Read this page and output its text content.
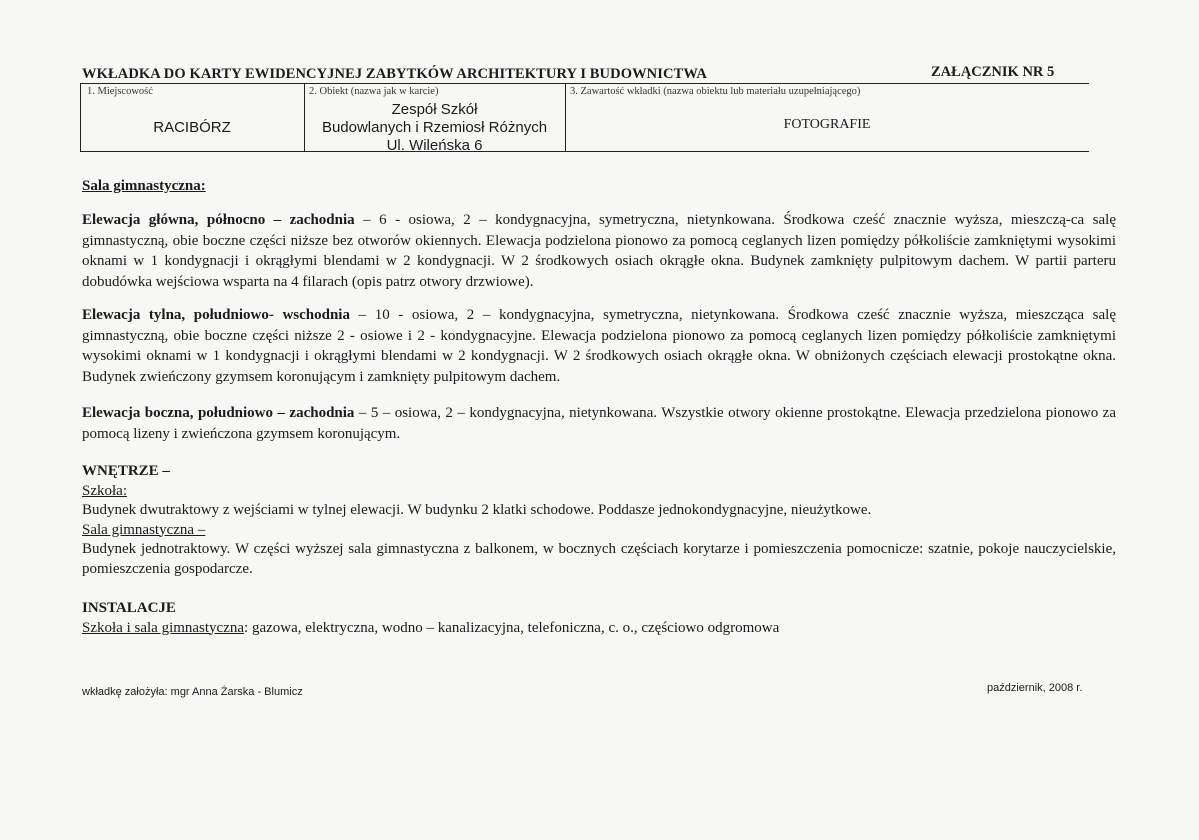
WKŁADKA DO KARTY EWIDENCYJNEJ ZABYTKÓW ARCHITEKTURY I BUDOWNICTWA	ZAŁĄCZNIK NR 5
1. Miejscowość
RACIBÓRZ
2. Obiekt (nazwa jak w karcie)
Zespół Szkół
Budowlanych i Rzemiosł Różnych
Ul. Wileńska 6
3. Zawartość wkładki (nazwa obiektu lub materiału uzupełniającego)
FOTOGRAFIE
Sala gimnastyczna:
Elewacja główna, północno – zachodnia – 6 - osiowa, 2 – kondygnacyjna, symetryczna, nietynkowana. Środkowa cześć znacznie wyższa, mieszczą-ca salę gimnastyczną, obie boczne części niższe bez otworów okiennych. Elewacja podzielona pionowo za pomocą ceglanych lizen pomiędzy półkoliście zamkniętymi wysokimi oknami w 1 kondygnacji i okrągłymi blendami w 2 kondygnacji. W 2 środkowych osiach okrągłe okna. Budynek zamknięty pulpitowym dachem. W partii parteru dobudówka wejściowa wsparta na 4 filarach (opis patrz otwory drzwiowe).
Elewacja tylna, południowo- wschodnia – 10 - osiowa, 2 – kondygnacyjna, symetryczna, nietynkowana. Środkowa cześć znacznie wyższa, mieszcząca salę gimnastyczną, obie boczne części niższe 2 - osiowe i 2 - kondygnacyjne. Elewacja podzielona pionowo za pomocą ceglanych lizen pomiędzy półkoliście zamkniętymi wysokimi oknami w 1 kondygnacji i okrągłymi blendami w 2 kondygnacji. W 2 środkowych osiach okrągłe okna. W obniżonych częściach elewacji prostokątne okna. Budynek zwieńczony gzymsem koronującym i zamknięty pulpitowym dachem.
Elewacja boczna, południowo – zachodnia – 5 – osiowa, 2 – kondygnacyjna, nietynkowana. Wszystkie otwory okienne prostokątne. Elewacja przedzielona pionowo za pomocą lizeny i zwieńczona gzymsem koronującym.
WNĘTRZE –
Szkoła:
Budynek dwutraktowy z wejściami w tylnej elewacji. W budynku 2 klatki schodowe. Poddasze jednokondygnacyjne, nieużytkowe.
Sala gimnastyczna –
Budynek jednotraktowy. W części wyższej sala gimnastyczna z balkonem, w bocznych częściach korytarze i pomieszczenia pomocnicze: szatnie, pokoje nauczycielskie, pomieszczenia gospodarcze.
INSTALACJE
Szkoła i sala gimnastyczna: gazowa, elektryczna, wodno – kanalizacyjna, telefoniczna, c. o., częściowo odgromowa
wkładkę założyła: mgr Anna Żarska - Blumicz	październik, 2008 r.
